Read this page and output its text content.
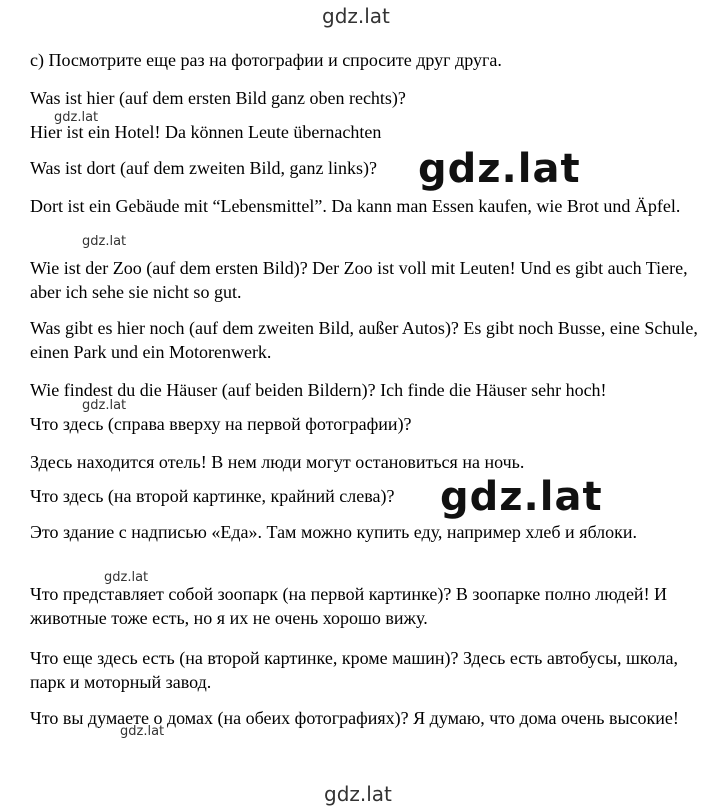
gdz.lat

c) Посмотрите еще раз на фотографии и спросите друг друга.

Was ist hier (auf dem ersten Bild ganz oben rechts)?

Hier ist ein Hotel! Da können Leute übernachten

Was ist dort (auf dem zweiten Bild, ganz links)?

Dort ist ein Gebäude mit “Lebensmittel”. Da kann man Essen kaufen, wie Brot und Äpfel.

Wie ist der Zoo (auf dem ersten Bild)? Der Zoo ist voll mit Leuten! Und es gibt auch Tiere, aber ich sehe sie nicht so gut.

Was gibt es hier noch (auf dem zweiten Bild, außer Autos)? Es gibt noch Busse, eine Schule, einen Park und ein Motorenwerk.

Wie findest du die Häuser (auf beiden Bildern)? Ich finde die Häuser sehr hoch!

Что здесь (справа вверху на первой фотографии)?

Здесь находится отель! В нем люди могут остановиться на ночь.

Что здесь (на второй картинке, крайний слева)?

Это здание с надписью «Еда». Там можно купить еду, например хлеб и яблоки.

Что представляет собой зоопарк (на первой картинке)? В зоопарке полно людей! И животные тоже есть, но я их не очень хорошо вижу.

Что еще здесь есть (на второй картинке, кроме машин)? Здесь есть автобусы, школа, парк и моторный завод.

Что вы думаете о домах (на обеих фотографиях)? Я думаю, что дома очень высокие!

gdz.lat
gdz.lat
gdz.lat
gdz.lat
gdz.lat
gdz.lat
gdz.lat
gdz.lat
